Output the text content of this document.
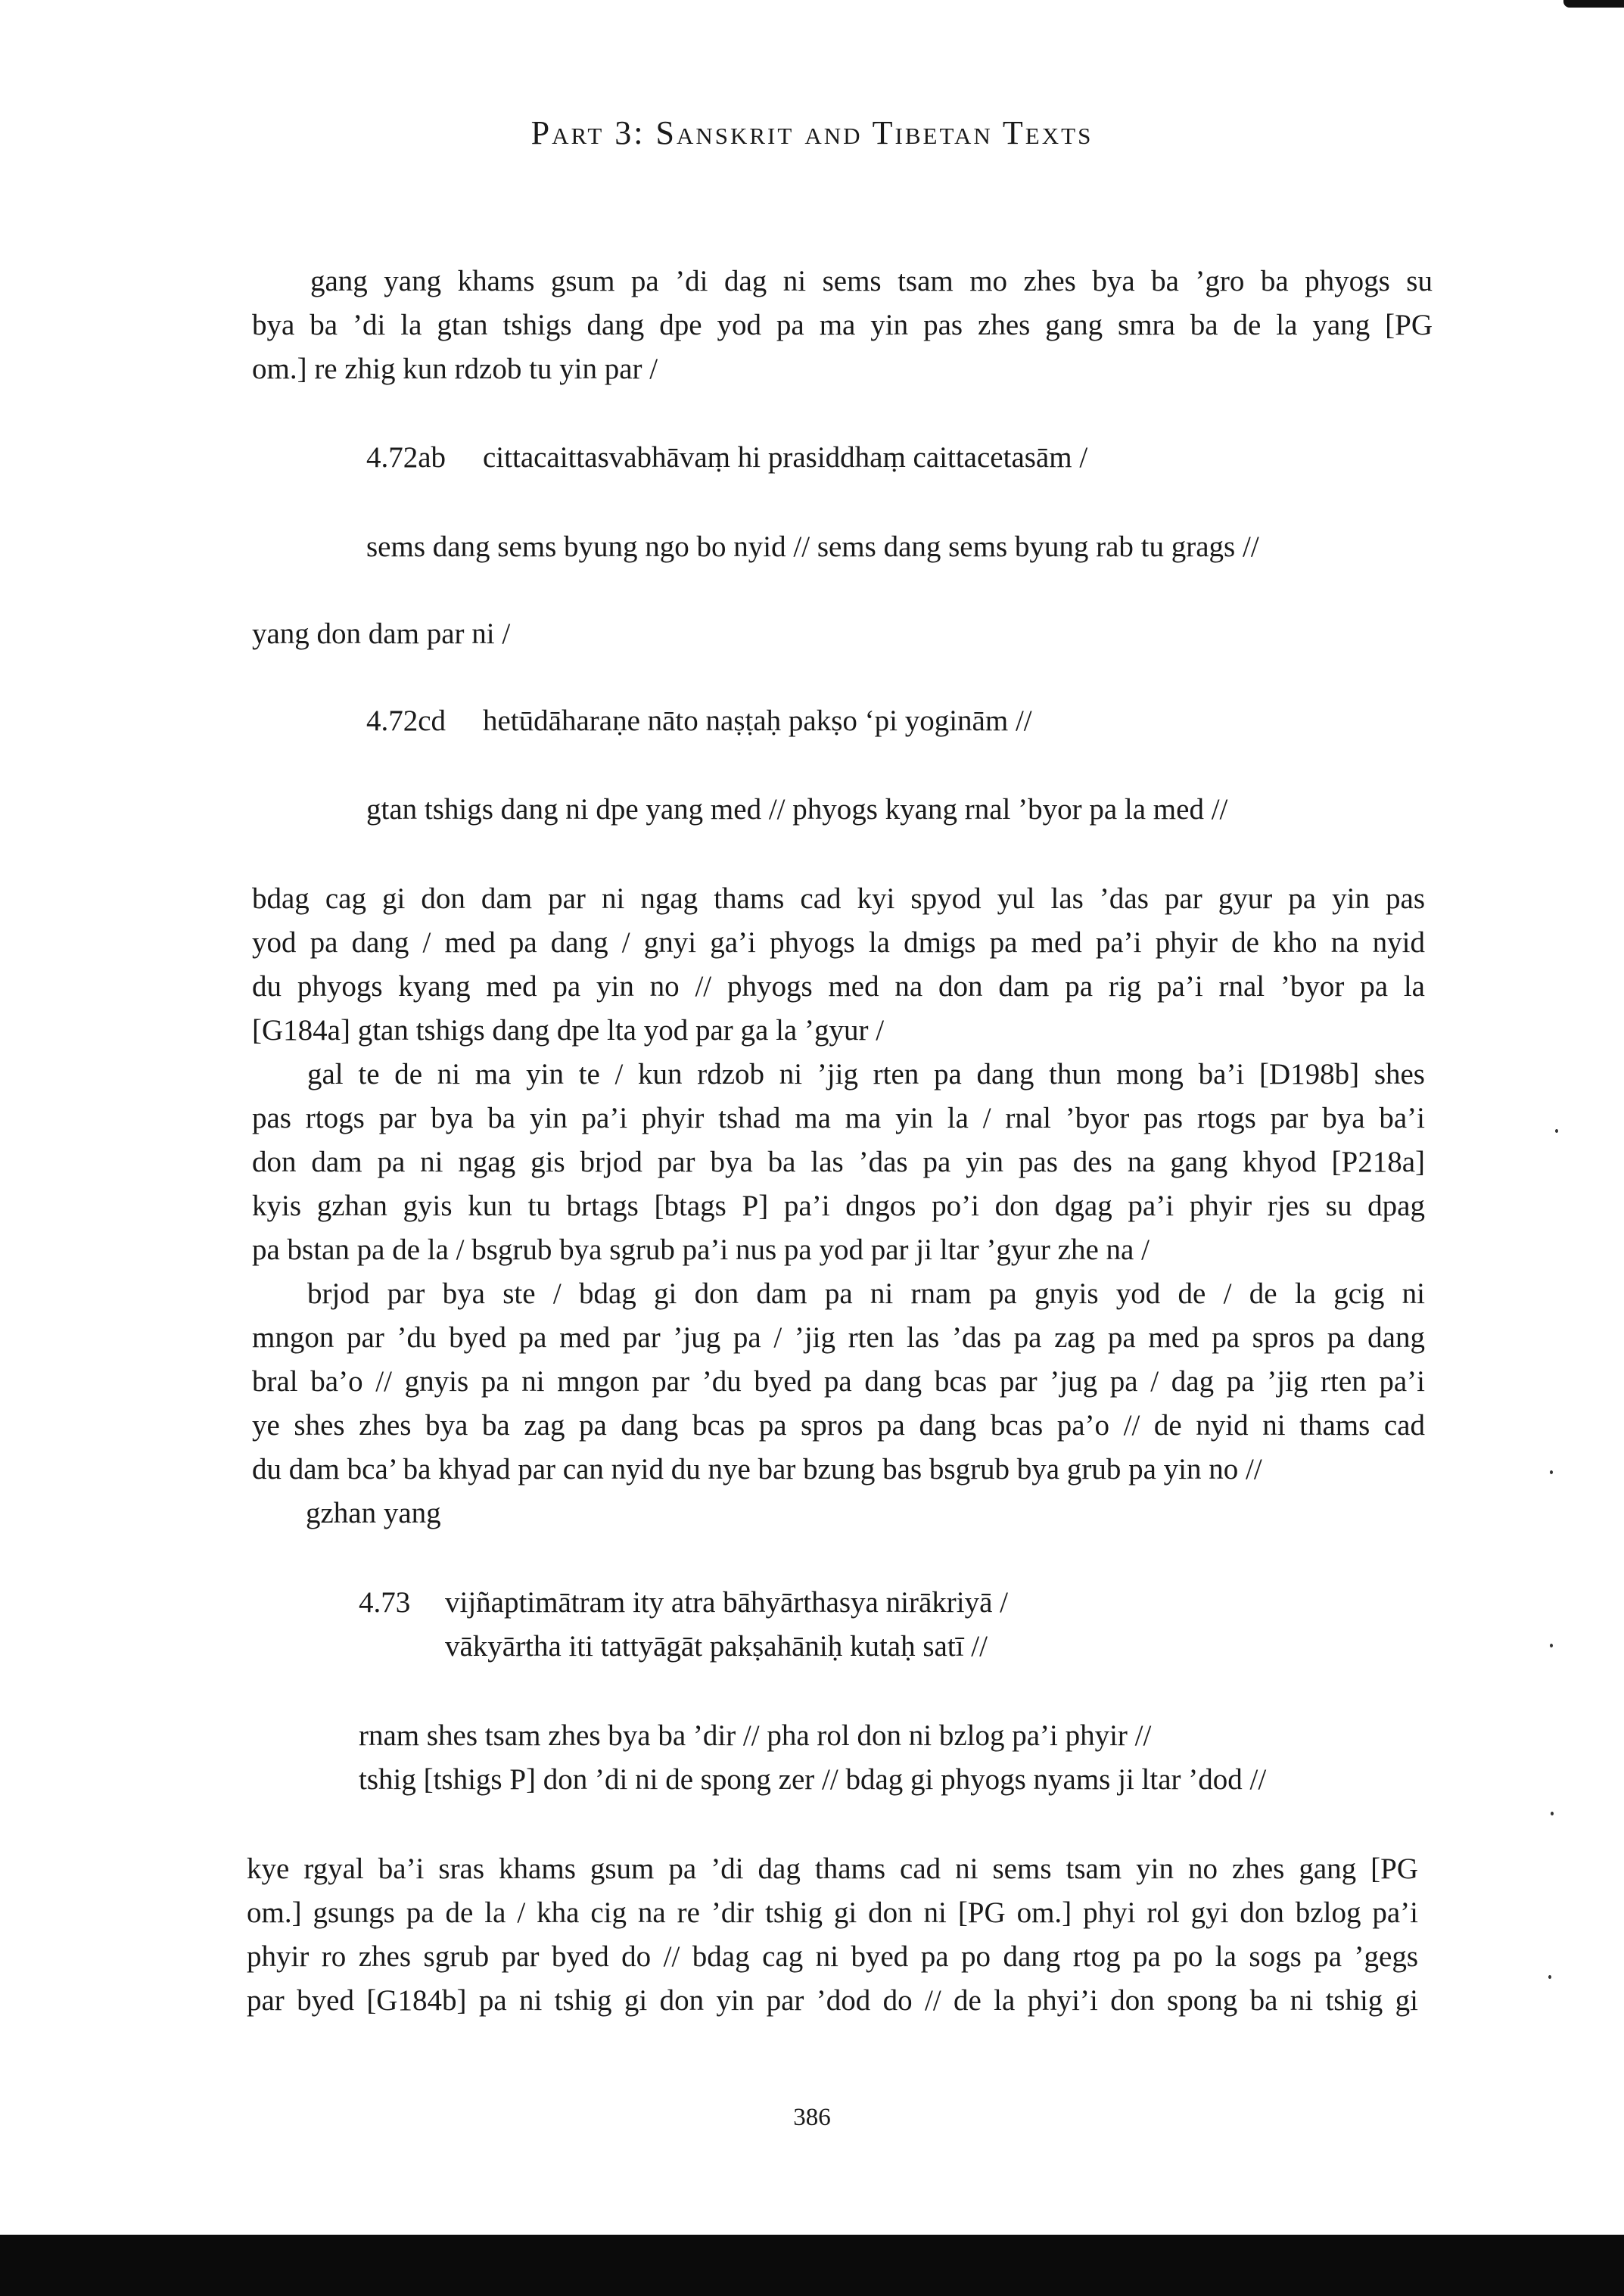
Part 3: Sanskrit and Tibetan Texts
gang yang khams gsum pa ’di dag ni sems tsam mo zhes bya ba ’gro ba phyogs su
bya ba ’di la gtan tshigs dang dpe yod pa ma yin pas zhes gang smra ba de la yang [PG
om.] re zhig kun rdzob tu yin par /
4.72ab cittacaittasvabhāvaṃ hi prasiddhaṃ caittacetasām /
sems dang sems byung ngo bo nyid // sems dang sems byung rab tu grags //
yang don dam par ni /
4.72cd hetūdāharaṇe nāto naṣṭaḥ pakṣo ‘pi yoginām //
gtan tshigs dang ni dpe yang med // phyogs kyang rnal ’byor pa la med //
bdag cag gi don dam par ni ngag thams cad kyi spyod yul las ’das par gyur pa yin pas
yod pa dang / med pa dang / gnyi ga’i phyogs la dmigs pa med pa’i phyir de kho na nyid
du phyogs kyang med pa yin no // phyogs med na don dam pa rig pa’i rnal ’byor pa la
[G184a] gtan tshigs dang dpe lta yod par ga la ’gyur /
gal te de ni ma yin te / kun rdzob ni ’jig rten pa dang thun mong ba’i [D198b] shes
pas rtogs par bya ba yin pa’i phyir tshad ma ma yin la / rnal ’byor pas rtogs par bya ba’i
don dam pa ni ngag gis brjod par bya ba las ’das pa yin pas des na gang khyod [P218a]
kyis gzhan gyis kun tu brtags [btags P] pa’i dngos po’i don dgag pa’i phyir rjes su dpag
pa bstan pa de la / bsgrub bya sgrub pa’i nus pa yod par ji ltar ’gyur zhe na /
brjod par bya ste / bdag gi don dam pa ni rnam pa gnyis yod de / de la gcig ni
mngon par ’du byed pa med par ’jug pa / ’jig rten las ’das pa zag pa med pa spros pa dang
bral ba’o // gnyis pa ni mngon par ’du byed pa dang bcas par ’jug pa / dag pa ’jig rten pa’i
ye shes zhes bya ba zag pa dang bcas pa spros pa dang bcas pa’o // de nyid ni thams cad
du dam bca’ ba khyad par can nyid du nye bar bzung bas bsgrub bya grub pa yin no //
gzhan yang
4.73 vijñaptimātram ity atra bāhyārthasya nirākriyā /
vākyārtha iti tattyāgāt pakṣahāniḥ kutaḥ satī //
rnam shes tsam zhes bya ba ’dir // pha rol don ni bzlog pa’i phyir //
tshig [tshigs P] don ’di ni de spong zer // bdag gi phyogs nyams ji ltar ’dod //
kye rgyal ba’i sras khams gsum pa ’di dag thams cad ni sems tsam yin no zhes gang [PG
om.] gsungs pa de la / kha cig na re ’dir tshig gi don ni [PG om.] phyi rol gyi don bzlog pa’i
phyir ro zhes sgrub par byed do // bdag cag ni byed pa po dang rtog pa po la sogs pa ’gegs
par byed [G184b] pa ni tshig gi don yin par ’dod do // de la phyi’i don spong ba ni tshig gi
386
